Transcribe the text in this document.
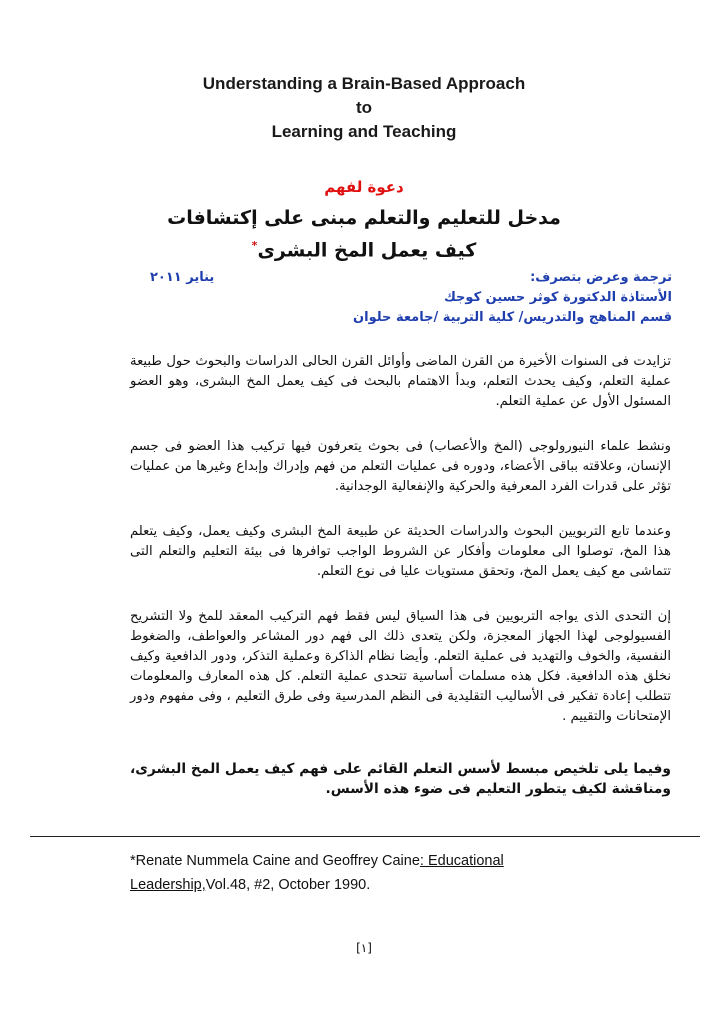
Understanding a Brain-Based Approach
to
Learning and Teaching
دعوة لفهم
مدخل للتعليم والتعلم مبنى على إكتشافات
كيف يعمل المخ البشرى*
ترجمة وعرض بتصرف:
يناير ٢٠١١
الأستاذة الدكتورة كوثر حسين كوجك
قسم المناهج والتدريس/ كلية التربية /جامعة حلوان

تزايدت فى السنوات الأخيرة من القرن الماضى وأوائل القرن الحالى الدراسات والبحوث حول طبيعة عملية التعلم، وكيف يحدث التعلم، وبدأ الاهتمام بالبحث فى كيف يعمل المخ البشرى، وهو العضو المسئول الأول عن عملية التعلم.

ونشط علماء النيورولوجى (المخ والأعصاب) فى بحوث يتعرفون فيها تركيب هذا العضو فى جسم الإنسان، وعلاقته بباقى الأعضاء، ودوره فى عمليات التعلم من فهم وإدراك وإبداع وغيرها من عمليات تؤثر على قدرات الفرد المعرفية والحركية والإنفعالية الوجدانية.

وعندما تابع التربويين البحوث والدراسات الحديثة عن طبيعة المخ البشرى وكيف يعمل، وكيف يتعلم هذا المخ، توصلوا الى معلومات وأفكار عن الشروط الواجب توافرها فى بيئة التعليم والتعلم التى تتماشى مع كيف يعمل المخ، وتحقق مستويات عليا فى نوع التعلم.

إن التحدى الذى يواجه التربويين فى هذا السياق ليس فقط فهم التركيب المعقد للمخ ولا التشريح الفسيولوجى لهذا الجهاز المعجزة، ولكن يتعدى ذلك الى فهم دور المشاعر والعواطف، والضغوط النفسية، والخوف والتهديد فى عملية التعلم. وأيضا نظام الذاكرة وعملية التذكر، ودور الدافعية وكيف نخلق هذه الدافعية. فكل هذه مسلمات أساسية تتحدى عملية التعلم. كل هذه المعارف والمعلومات تتطلب إعادة تفكير فى الأساليب التقليدية فى النظم المدرسية وفى طرق التعليم ، وفى مفهوم ودور الإمتحانات والتقييم .

وفيما يلى تلخيص مبسط لأسس التعلم القائم على فهم كيف يعمل المخ البشرى، ومناقشة لكيف يتطور التعليم فى ضوء هذه الأسس.

*Renate Nummela Caine and Geoffrey Caine: Educational
Leadership,Vol.48, #2, October 1990.
[١]
